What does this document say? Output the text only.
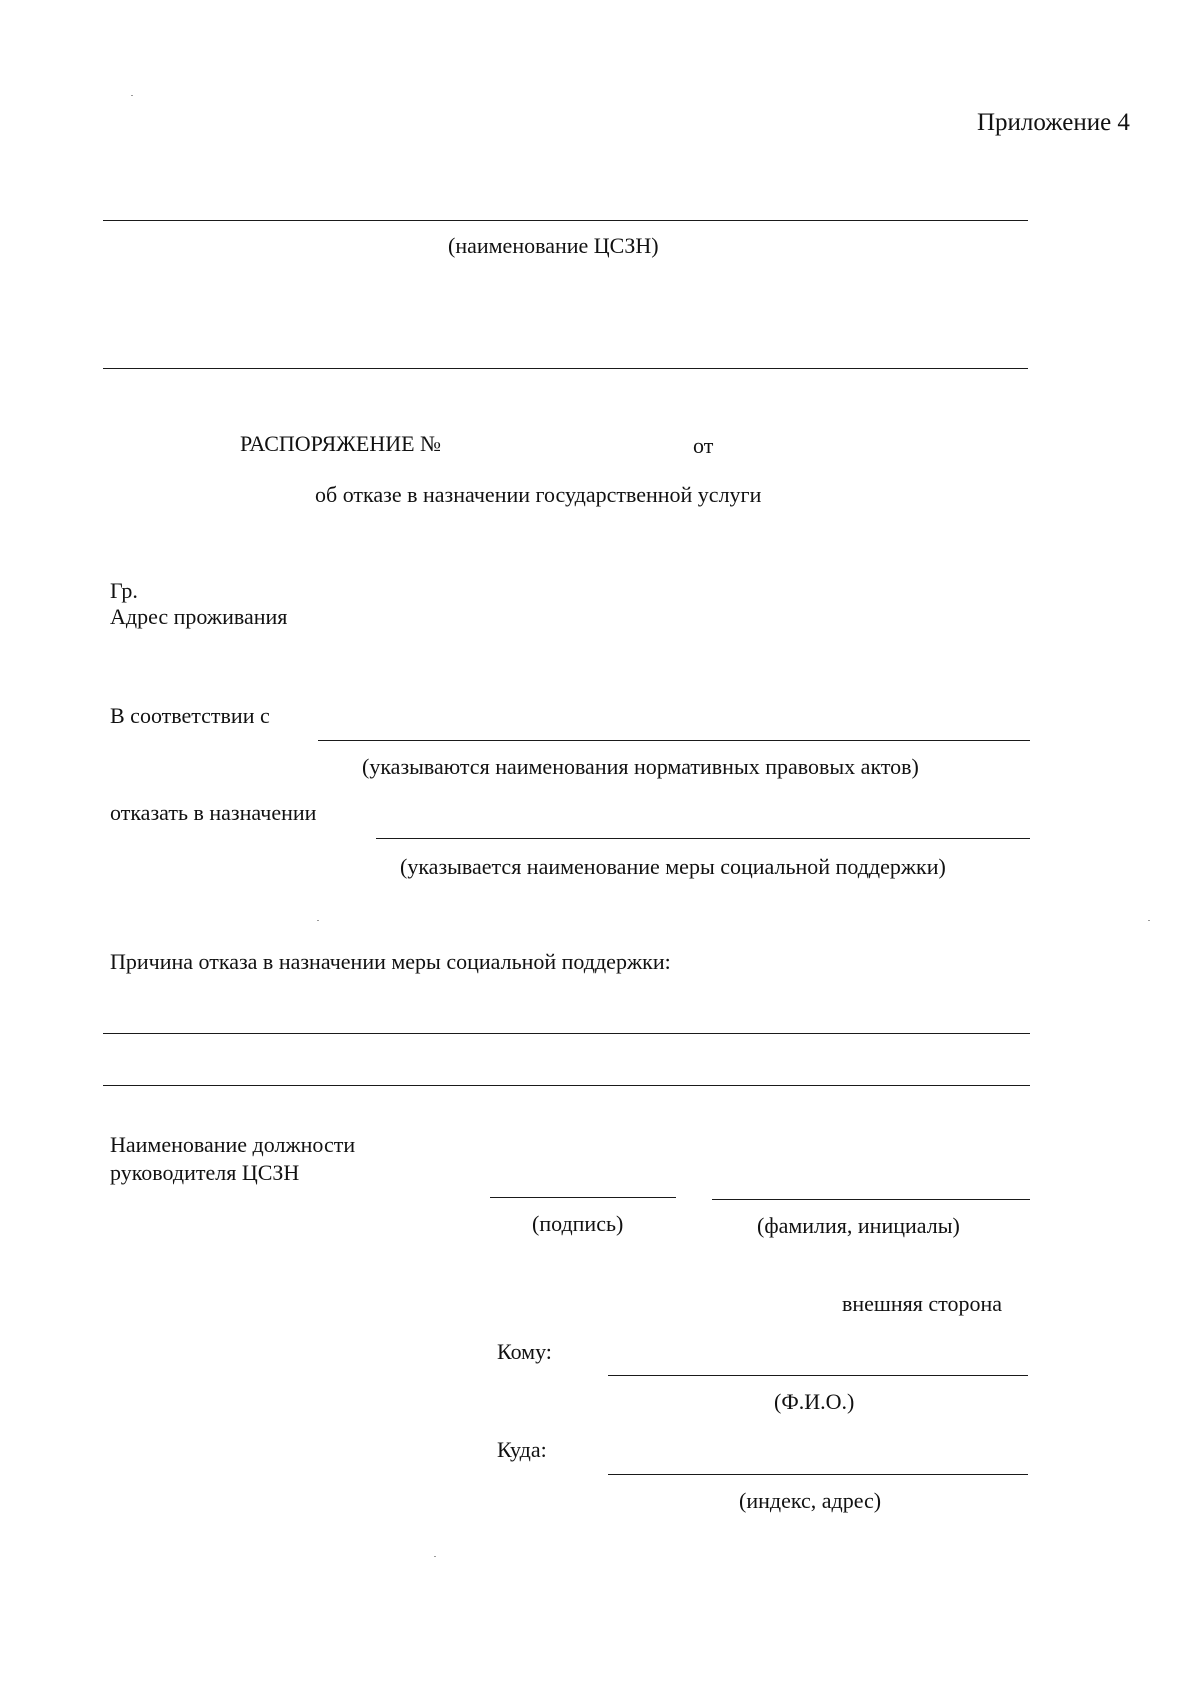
Приложение 4
(наименование ЦСЗН)
РАСПОРЯЖЕНИЕ №	от
об отказе в назначении государственной услуги
Гр.
Адрес проживания
В соответствии с
(указываются наименования нормативных правовых актов)
отказать в назначении
(указывается наименование меры социальной поддержки)
Причина отказа в назначении меры социальной поддержки:
Наименование должности
руководителя ЦСЗН
(подпись)	(фамилия, инициалы)
внешняя сторона
Кому:
(Ф.И.О.)
Куда:
(индекс, адрес)
